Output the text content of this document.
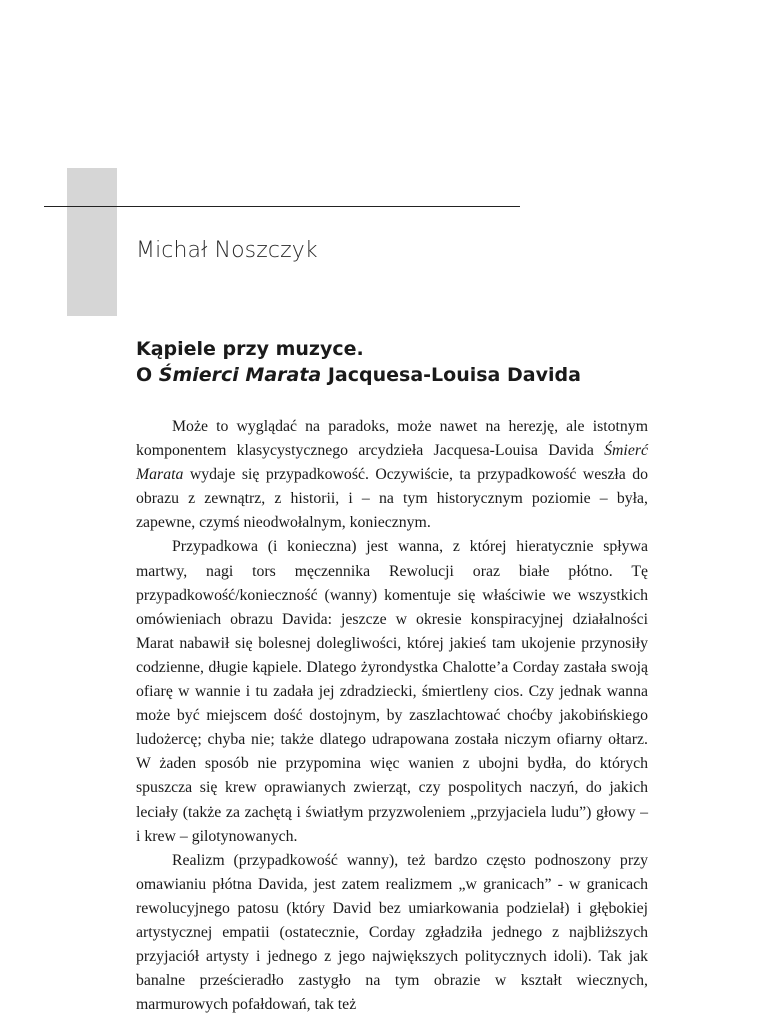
Michał Noszczyk
Kąpiele przy muzyce.
O Śmierci Marata Jacquesa-Louisa Davida

Może to wyglądać na paradoks, może nawet na herezję, ale istotnym komponentem klasycystycznego arcydzieła Jacquesa-Louisa Davida Śmierć Marata wydaje się przypadkowość. Oczywiście, ta przypadkowość weszła do obrazu z zewnątrz, z historii, i – na tym historycznym poziomie – była, zapewne, czymś nieodwołalnym, koniecznym.

Przypadkowa (i konieczna) jest wanna, z której hieratycznie spływa martwy, nagi tors męczennika Rewolucji oraz białe płótno. Tę przypadkowość/konieczność (wanny) komentuje się właściwie we wszystkich omówieniach obrazu Davida: jeszcze w okresie konspiracyjnej działalności Marat nabawił się bolesnej dolegliwości, której jakieś tam ukojenie przynosiły codzienne, długie kąpiele. Dlatego żyrondystka Chalotte’a Corday zastała swoją ofiarę w wannie i tu zadała jej zdradziecki, śmiertleny cios. Czy jednak wanna może być miejscem dość dostojnym, by zaszlachtować choćby jakobińskiego ludożercę; chyba nie; także dlatego udrapowana została niczym ofiarny ołtarz. W żaden sposób nie przypomina więc wanien z ubojni bydła, do których spuszcza się krew oprawianych zwierząt, czy pospolitych naczyń, do jakich leciały (także za zachętą i światłym przyzwoleniem „przyjaciela ludu”) głowy – i krew – gilotynowanych.

Realizm (przypadkowość wanny), też bardzo często podnoszony przy omawianiu płótna Davida, jest zatem realizmem „w granicach” - w granicach rewolucyjnego patosu (który David bez umiarkowania podzielał) i głębokiej artystycznej empatii (ostatecznie, Corday zgładziła jednego z najbliższych przyjaciół artysty i jednego z jego największych politycznych idoli). Tak jak banalne prześcieradło zastygło na tym obrazie w kształt wiecznych, marmurowych pofałdowań, tak też
